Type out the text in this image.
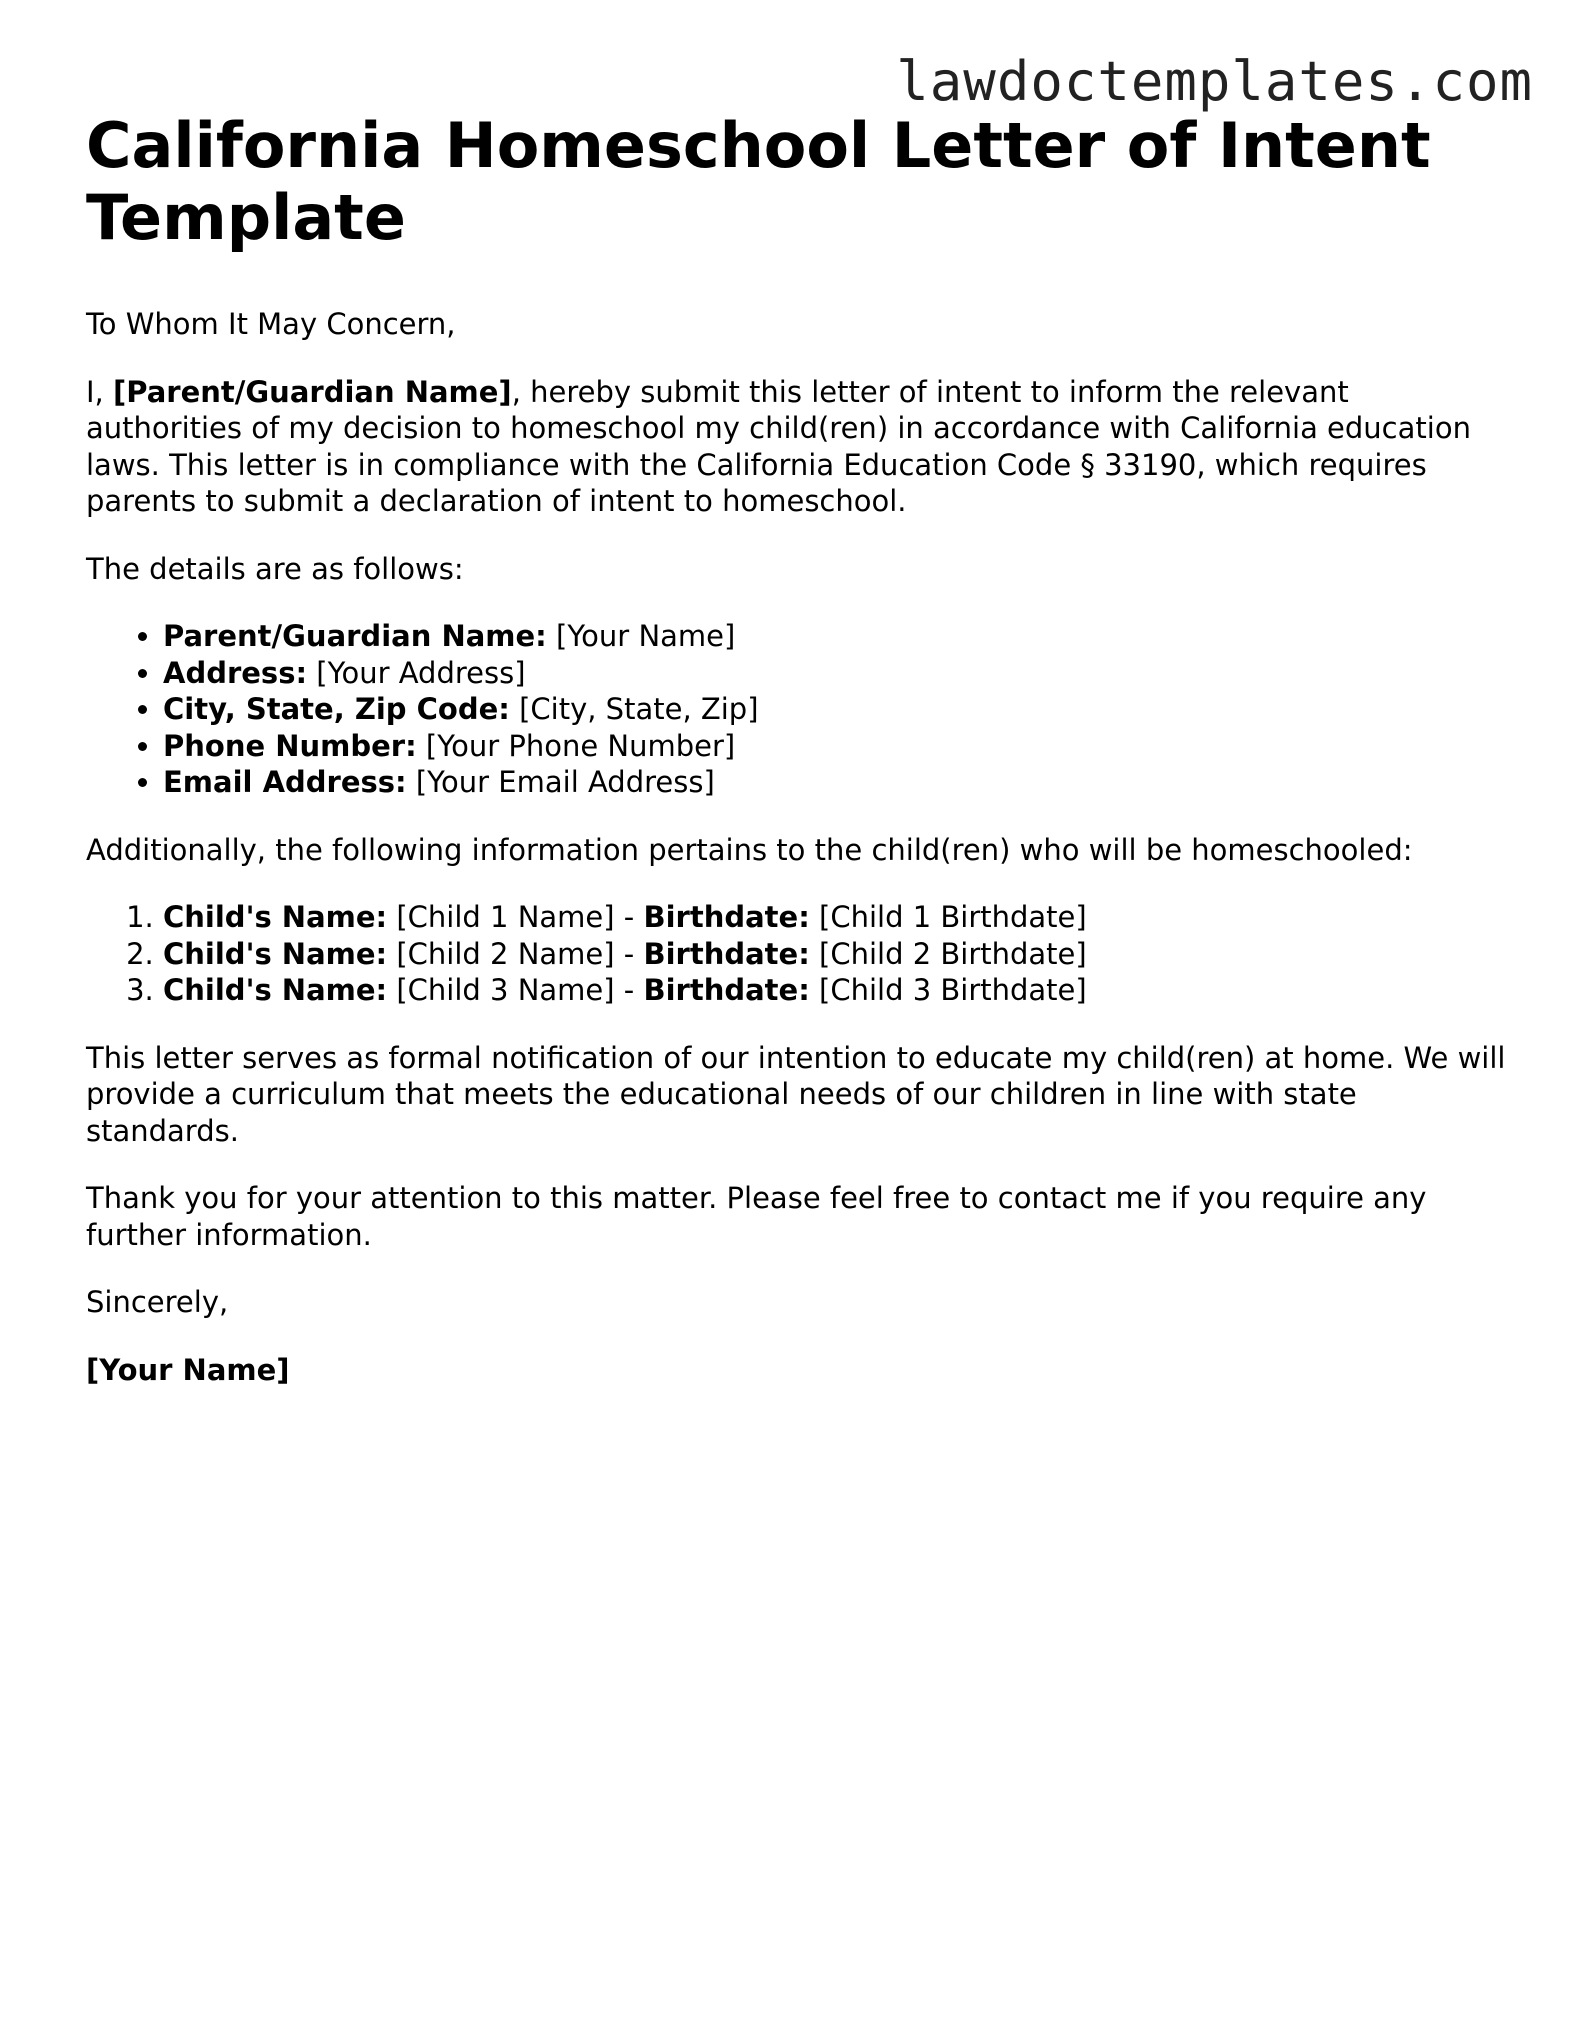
lawdoctemplates.com
California Homeschool Letter of Intent Template

To Whom It May Concern,

I, [Parent/Guardian Name], hereby submit this letter of intent to inform the relevant authorities of my decision to homeschool my child(ren) in accordance with California education laws. This letter is in compliance with the California Education Code § 33190, which requires parents to submit a declaration of intent to homeschool.

The details are as follows:

• Parent/Guardian Name: [Your Name]
• Address: [Your Address]
• City, State, Zip Code: [City, State, Zip]
• Phone Number: [Your Phone Number]
• Email Address: [Your Email Address]

Additionally, the following information pertains to the child(ren) who will be homeschooled:

1. Child's Name: [Child 1 Name] - Birthdate: [Child 1 Birthdate]
2. Child's Name: [Child 2 Name] - Birthdate: [Child 2 Birthdate]
3. Child's Name: [Child 3 Name] - Birthdate: [Child 3 Birthdate]

This letter serves as formal notification of our intention to educate my child(ren) at home. We will provide a curriculum that meets the educational needs of our children in line with state standards.

Thank you for your attention to this matter. Please feel free to contact me if you require any further information.

Sincerely,

[Your Name]
